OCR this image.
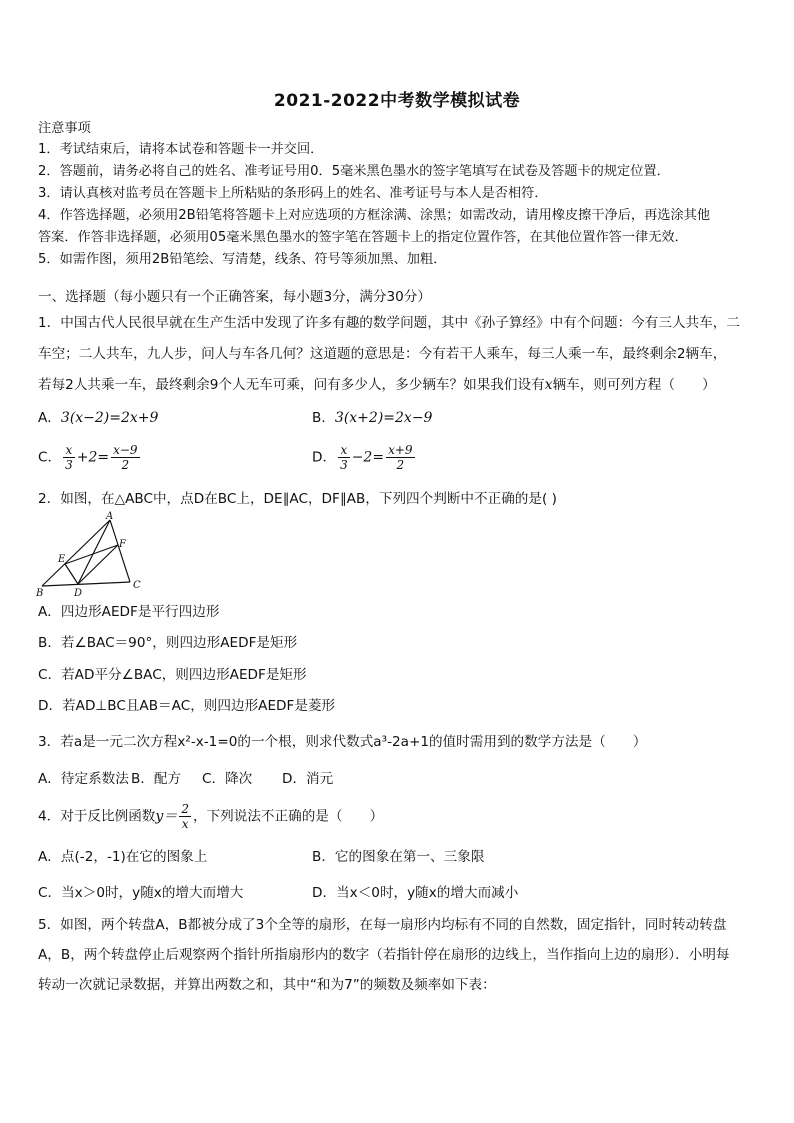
2021-2022中考数学模拟试卷
注意事项
1．考试结束后，请将本试卷和答题卡一并交回．
2．答题前，请务必将自己的姓名、准考证号用0．5毫米黑色墨水的签字笔填写在试卷及答题卡的规定位置．
3．请认真核对监考员在答题卡上所粘贴的条形码上的姓名、准考证号与本人是否相符．
4．作答选择题，必须用2B铅笔将答题卡上对应选项的方框涂满、涂黑；如需改动，请用橡皮擦干净后，再选涂其他
答案．作答非选择题，必须用05毫米黑色墨水的签字笔在答题卡上的指定位置作答，在其他位置作答一律无效．
5．如需作图，须用2B铅笔绘、写清楚，线条、符号等须加黑、加粗．
一、选择题（每小题只有一个正确答案，每小题3分，满分30分）
1．中国古代人民很早就在生产生活中发现了许多有趣的数学问题，其中《孙子算经》中有个问题：今有三人共车，二
车空；二人共车，九人步，问人与车各几何？这道题的意思是：今有若干人乘车，每三人乘一车，最终剩余2辆车，
若每2人共乘一车，最终剩余9个人无车可乘，问有多少人，多少辆车？如果我们设有x辆车，则可列方程（　　）
A．3(x−2)=2x+9	B．3(x+2)=2x−9
C． $\frac{x}{3} +2= \frac{x-9}{2}$	D． $\frac{x}{3} -2= \frac{x+9}{2}$
2．如图，在△ABC中，点D在BC上，DE∥AC，DF∥AB，下列四个判断中不正确的是( )
A
E
F
B	D
C
A．四边形AEDF是平行四边形
B．若∠BAC＝90°，则四边形AEDF是矩形
C．若AD平分∠BAC，则四边形AEDF是矩形
D．若AD⊥BC且AB＝AC，则四边形AEDF是菱形
3．若a是一元二次方程x²-x-1=0的一个根，则求代数式a³-2a+1的值时需用到的数学方法是（　　）
A．待定系数法 B．配方 C．降次 D．消元
4．对于反比例函数$y= \frac{2}{x}$ ，下列说法不正确的是（　　）
A．点(-2，-1)在它的图象上	B．它的图象在第一、三象限
C．当x＞0时，y随x的增大而增大	D．当x＜0时，y随x的增大而减小
5．如图，两个转盘A，B都被分成了3个全等的扇形，在每一扇形内均标有不同的自然数，固定指针，同时转动转盘
A，B，两个转盘停止后观察两个指针所指扇形内的数字（若指针停在扇形的边线上，当作指向上边的扇形）．小明每
转动一次就记录数据，并算出两数之和，其中“和为7”的频数及频率如下表：
